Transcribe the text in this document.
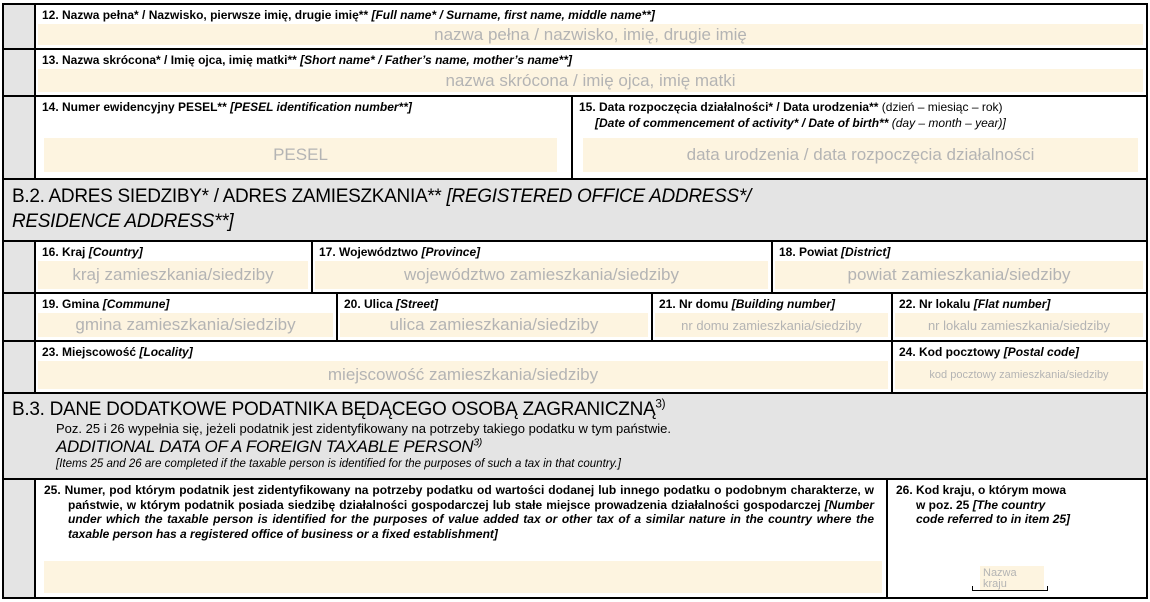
12. Nazwa pełna* / Nazwisko, pierwsze imię, drugie imię** [Full name* / Surname, first name, middle name**]
nazwa pełna / nazwisko, imię, drugie imię
13. Nazwa skrócona* / Imię ojca, imię matki** [Short name* / Father’s name, mother’s name**]
nazwa skrócona / imię ojca, imię matki
14. Numer ewidencyjny PESEL** [PESEL identification number**]
PESEL
15. Data rozpoczęcia działalności* / Data urodzenia** (dzień – miesiąc – rok)
[Date of commencement of activity* / Date of birth** (day – month – year)]
data urodzenia / data rozpoczęcia działalności
B.2. ADRES SIEDZIBY* / ADRES ZAMIESZKANIA** [REGISTERED OFFICE ADDRESS*/
RESIDENCE ADDRESS**]
16. Kraj [Country]
kraj zamieszkania/siedziby
17. Województwo [Province]
województwo zamieszkania/siedziby
18. Powiat [District]
powiat zamieszkania/siedziby
19. Gmina [Commune]
gmina zamieszkania/siedziby
20. Ulica [Street]
ulica zamieszkania/siedziby
21. Nr domu [Building number]
nr domu zamieszkania/siedziby
22. Nr lokalu [Flat number]
nr lokalu zamieszkania/siedziby
23. Miejscowość [Locality]
miejscowość zamieszkania/siedziby
24. Kod pocztowy [Postal code]
kod pocztowy zamieszkania/siedziby
B.3. DANE DODATKOWE PODATNIKA BĘDĄCEGO OSOBĄ ZAGRANICZNĄ$^{3)}$
Poz. 25 i 26 wypełnia się, jeżeli podatnik jest zidentyfikowany na potrzeby takiego podatku w tym państwie.
ADDITIONAL DATA OF A FOREIGN TAXABLE PERSON$^{3)}$
[Items 25 and 26 are completed if the taxable person is identified for the purposes of such a tax in that country.]
25. Numer, pod którym podatnik jest zidentyfikowany na potrzeby podatku od wartości dodanej lub innego podatku o podobnym charakterze, w państwie, w którym podatnik posiada siedzibę działalności gospodarczej lub stałe miejsce prowadzenia działalności gospodarczej [Number under which the taxable person is identified for the purposes of value added tax or other tax of a similar nature in the country where the taxable person has a registered office of business or a fixed establishment]
26. Kod kraju, o którym mowa
w poz. 25 [The country
code referred to in item 25]
Nazwa kraju
